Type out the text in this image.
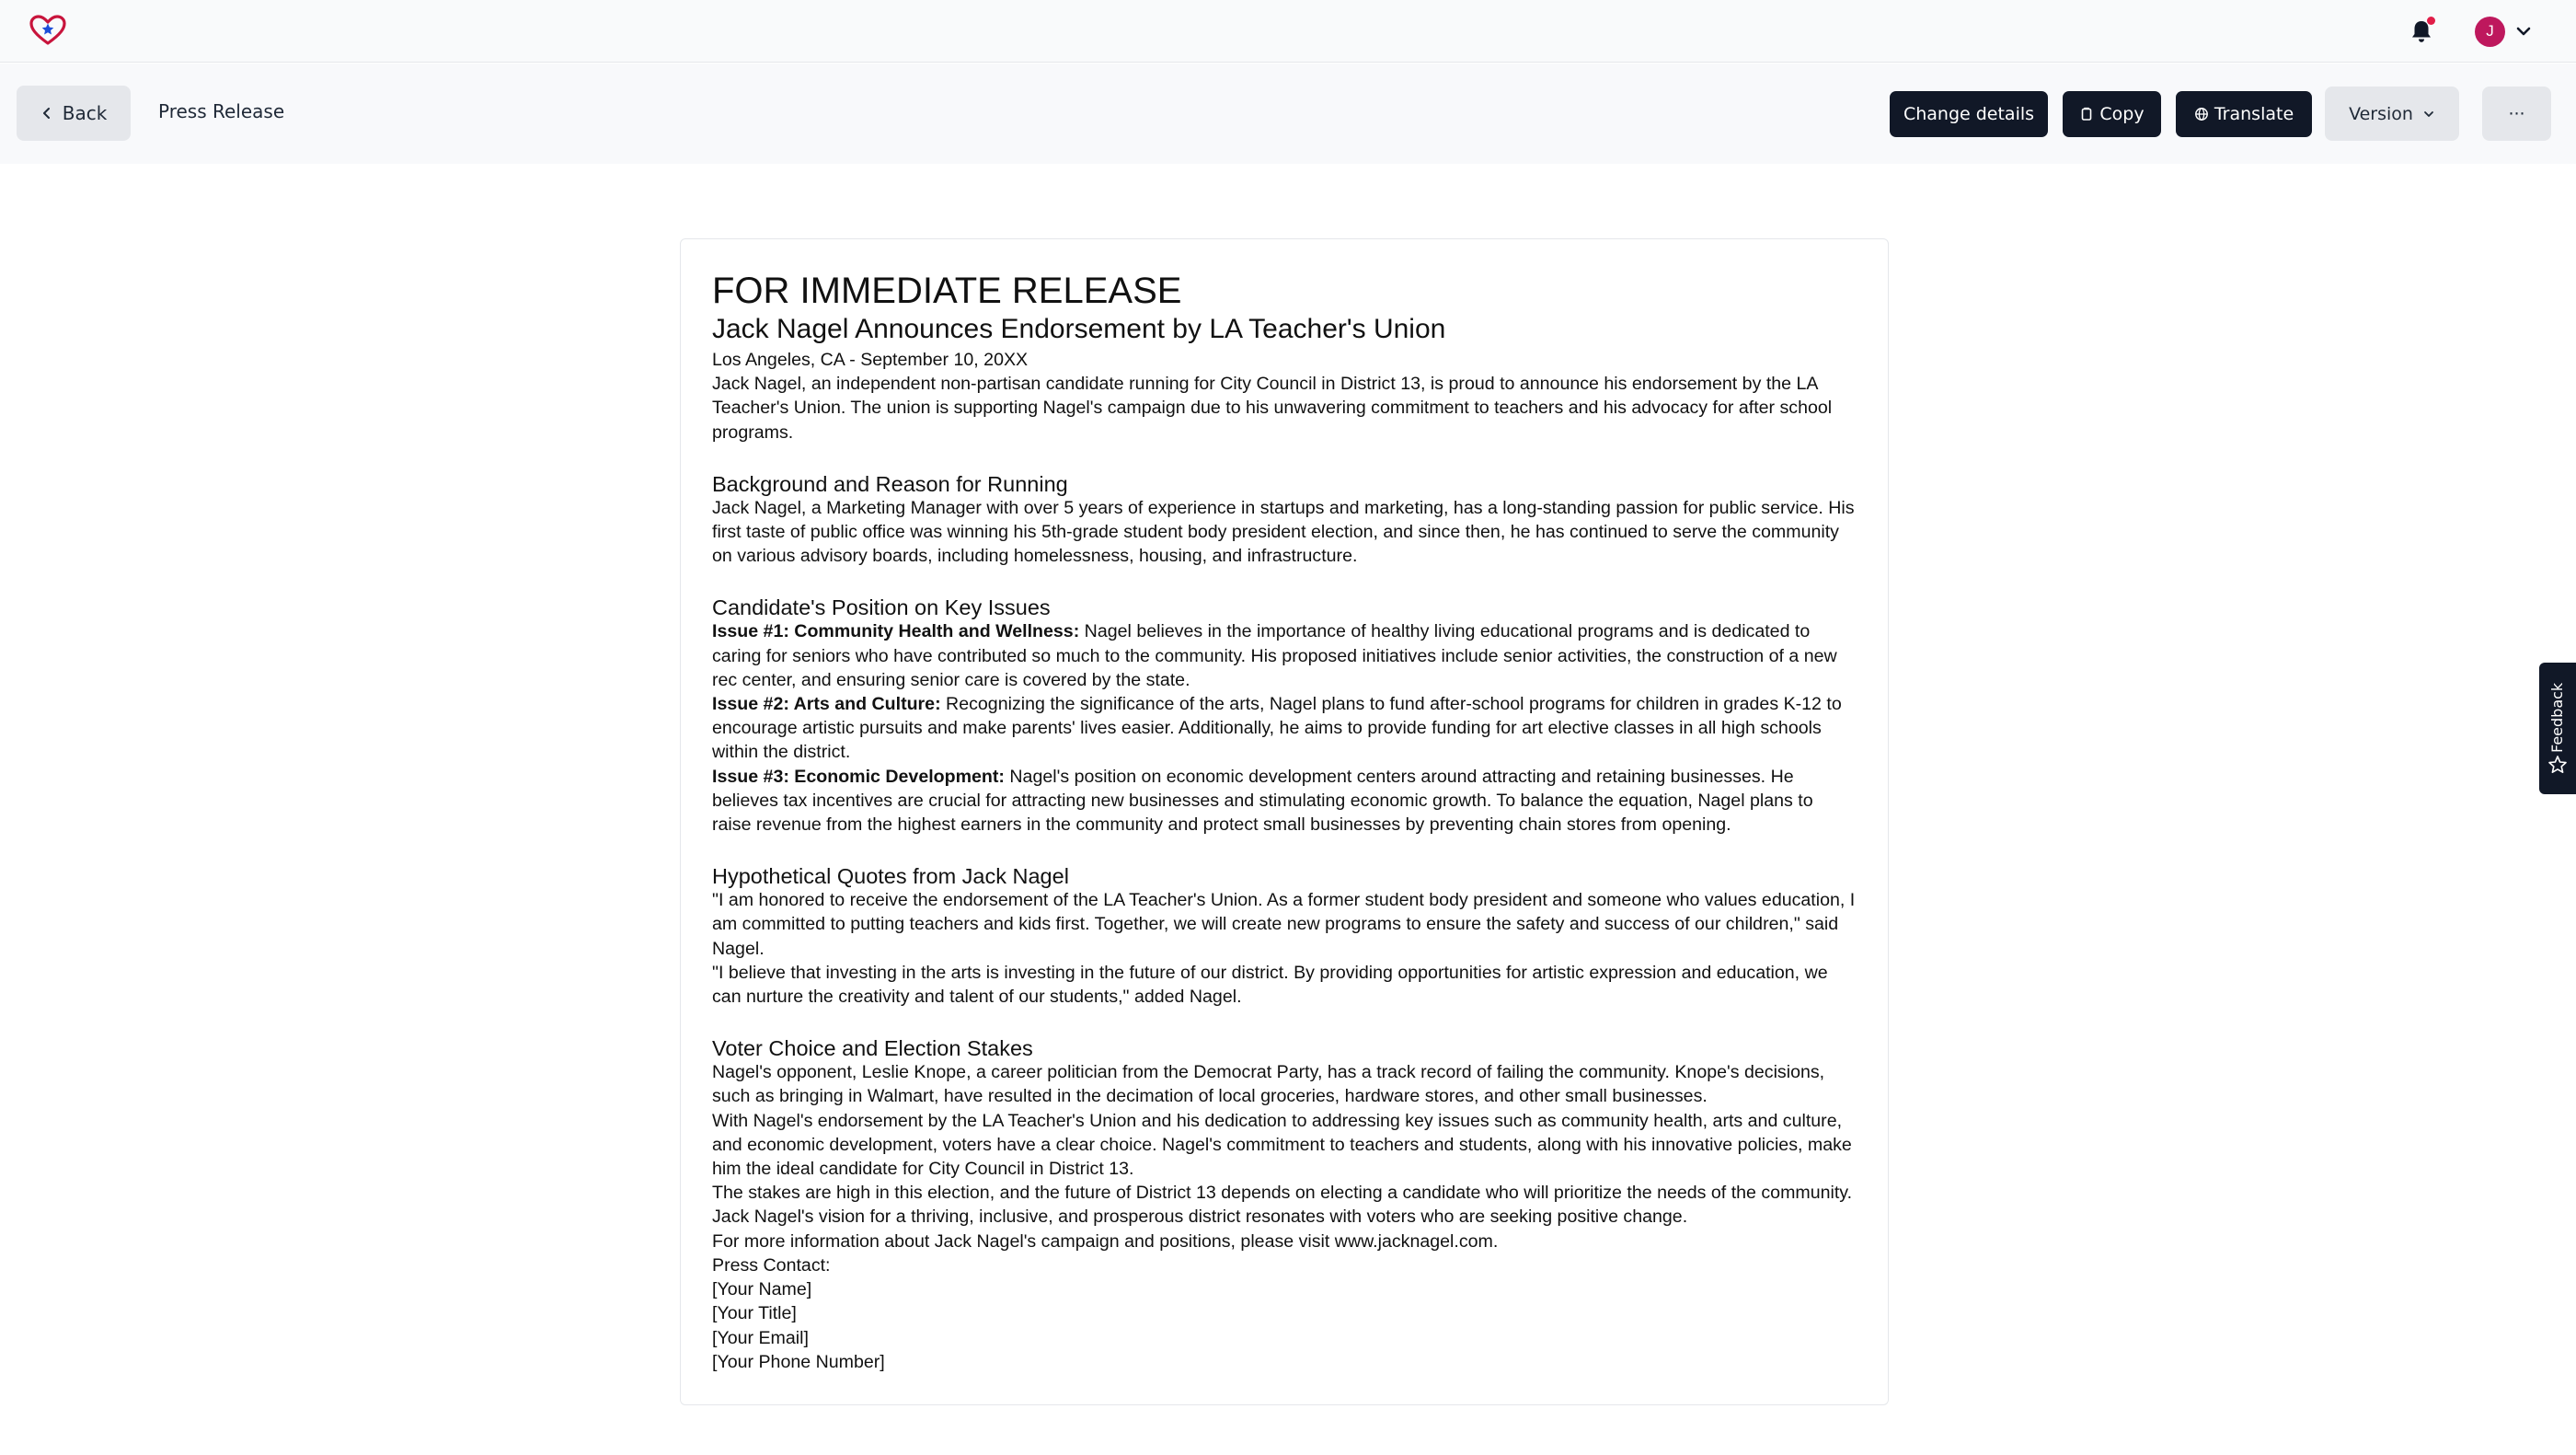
J
Back	Press Release	Change details	Copy	Translate	Version	···
FOR IMMEDIATE RELEASE
Jack Nagel Announces Endorsement by LA Teacher's Union
Los Angeles, CA - September 10, 20XX
Jack Nagel, an independent non-partisan candidate running for City Council in District 13, is proud to announce his endorsement by the LA Teacher's Union. The union is supporting Nagel's campaign due to his unwavering commitment to teachers and his advocacy for after school programs.
Background and Reason for Running
Jack Nagel, a Marketing Manager with over 5 years of experience in startups and marketing, has a long-standing passion for public service. His first taste of public office was winning his 5th-grade student body president election, and since then, he has continued to serve the community on various advisory boards, including homelessness, housing, and infrastructure.
Candidate's Position on Key Issues
Issue #1: Community Health and Wellness: Nagel believes in the importance of healthy living educational programs and is dedicated to caring for seniors who have contributed so much to the community. His proposed initiatives include senior activities, the construction of a new rec center, and ensuring senior care is covered by the state.
Issue #2: Arts and Culture: Recognizing the significance of the arts, Nagel plans to fund after-school programs for children in grades K-12 to encourage artistic pursuits and make parents' lives easier. Additionally, he aims to provide funding for art elective classes in all high schools within the district.
Issue #3: Economic Development: Nagel's position on economic development centers around attracting and retaining businesses. He believes tax incentives are crucial for attracting new businesses and stimulating economic growth. To balance the equation, Nagel plans to raise revenue from the highest earners in the community and protect small businesses by preventing chain stores from opening.
Hypothetical Quotes from Jack Nagel
"I am honored to receive the endorsement of the LA Teacher's Union. As a former student body president and someone who values education, I am committed to putting teachers and kids first. Together, we will create new programs to ensure the safety and success of our children," said Nagel.
"I believe that investing in the arts is investing in the future of our district. By providing opportunities for artistic expression and education, we can nurture the creativity and talent of our students," added Nagel.
Voter Choice and Election Stakes
Nagel's opponent, Leslie Knope, a career politician from the Democrat Party, has a track record of failing the community. Knope's decisions, such as bringing in Walmart, have resulted in the decimation of local groceries, hardware stores, and other small businesses.
With Nagel's endorsement by the LA Teacher's Union and his dedication to addressing key issues such as community health, arts and culture, and economic development, voters have a clear choice. Nagel's commitment to teachers and students, along with his innovative policies, make him the ideal candidate for City Council in District 13.
The stakes are high in this election, and the future of District 13 depends on electing a candidate who will prioritize the needs of the community. Jack Nagel's vision for a thriving, inclusive, and prosperous district resonates with voters who are seeking positive change.
For more information about Jack Nagel's campaign and positions, please visit www.jacknagel.com.
Press Contact:
[Your Name]
[Your Title]
[Your Email]
[Your Phone Number]
Feedback
